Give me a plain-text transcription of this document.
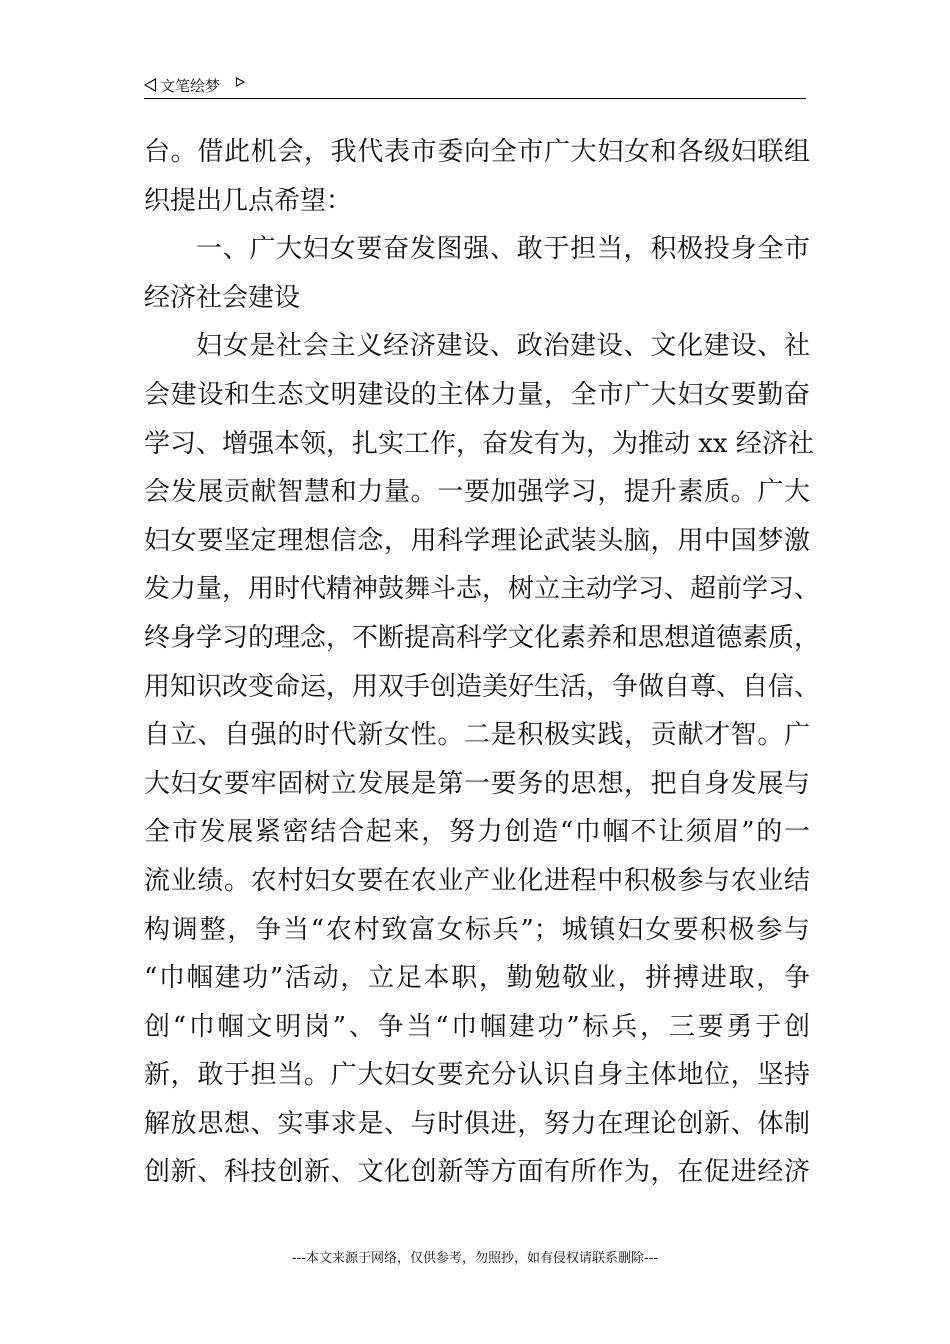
文笔绘梦
台。借此机会，我代表市委向全市广大妇女和各级妇联组
织提出几点希望：
一、广大妇女要奋发图强、敢于担当，积极投身全市
经济社会建设
妇女是社会主义经济建设、政治建设、文化建设、社
会建设和生态文明建设的主体力量，全市广大妇女要勤奋
学习、增强本领，扎实工作，奋发有为，为推动 xx 经济社
会发展贡献智慧和力量。一要加强学习，提升素质。广大
妇女要坚定理想信念，用科学理论武装头脑，用中国梦激
发力量，用时代精神鼓舞斗志，树立主动学习、超前学习、
终身学习的理念，不断提高科学文化素养和思想道德素质，
用知识改变命运，用双手创造美好生活，争做自尊、自信、
自立、自强的时代新女性。二是积极实践，贡献才智。广
大妇女要牢固树立发展是第一要务的思想，把自身发展与
全市发展紧密结合起来，努力创造“巾帼不让须眉”的一
流业绩。农村妇女要在农业产业化进程中积极参与农业结
构调整，争当“农村致富女标兵”；城镇妇女要积极参与
“巾帼建功”活动，立足本职，勤勉敬业，拼搏进取，争
创“巾帼文明岗”、争当“巾帼建功”标兵，三要勇于创
新，敢于担当。广大妇女要充分认识自身主体地位，坚持
解放思想、实事求是、与时俱进，努力在理论创新、体制
创新、科技创新、文化创新等方面有所作为，在促进经济
---本文来源于网络，仅供参考，勿照抄，如有侵权请联系删除---
